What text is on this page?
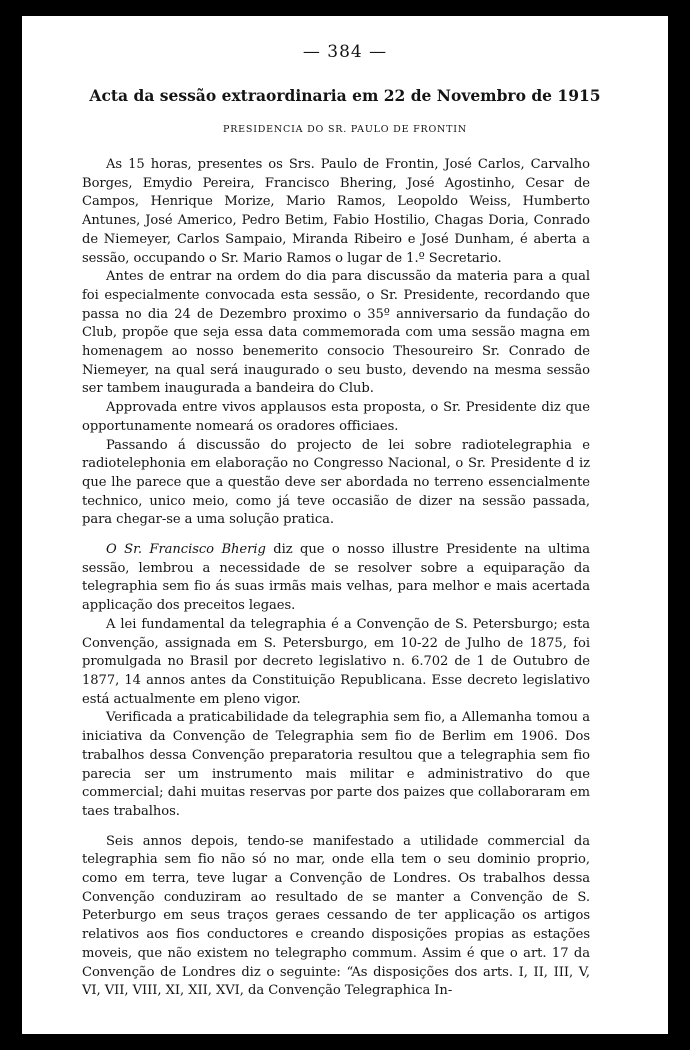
— 384 —
Acta da sessão extraordinaria em 22 de Novembro de 1915
PRESIDENCIA DO SR. PAULO DE FRONTIN

As 15 horas, presentes os Srs. Paulo de Frontin, José Carlos, Carvalho Borges, Emydio Pereira, Francisco Bhering, José Agostinho, Cesar de Campos, Henrique Morize, Mario Ramos, Leopoldo Weiss, Humberto Antunes, José Americo, Pedro Betim, Fabio Hostilio, Chagas Doria, Conrado de Niemeyer, Carlos Sampaio, Miranda Ribeiro e José Dunham, é aberta a sessão, occupando o Sr. Mario Ramos o lugar de 1.º Secretario.

Antes de entrar na ordem do dia para discussão da materia para a qual foi especialmente convocada esta sessão, o Sr. Presidente, recordando que passa no dia 24 de Dezembro proximo o 35º anniversario da fundação do Club, propõe que seja essa data commemorada com uma sessão magna em homenagem ao nosso benemerito consocio Thesoureiro Sr. Conrado de Niemeyer, na qual será inaugurado o seu busto, devendo na mesma sessão ser tambem inaugurada a bandeira do Club.

Approvada entre vivos applausos esta proposta, o Sr. Presidente diz que opportunamente nomeará os oradores officiaes.

Passando á discussão do projecto de lei sobre radiotelegraphia e radiotelephonia em elaboração no Congresso Nacional, o Sr. Presidente d iz que lhe parece que a questão deve ser abordada no terreno essencialmente technico, unico meio, como já teve occasião de dizer na sessão passada, para chegar-se a uma solução pratica.

O Sr. Francisco Bherig diz que o nosso illustre Presidente na ultima sessão, lembrou a necessidade de se resolver sobre a equiparação da telegraphia sem fio ás suas irmãs mais velhas, para melhor e mais acertada applicação dos preceitos legaes.

A lei fundamental da telegraphia é a Convenção de S. Petersburgo; esta Convenção, assignada em S. Petersburgo, em 10-22 de Julho de 1875, foi promulgada no Brasil por decreto legislativo n. 6.702 de 1 de Outubro de 1877, 14 annos antes da Constituição Republicana. Esse decreto legislativo está actualmente em pleno vigor.

Verificada a praticabilidade da telegraphia sem fio, a Allemanha tomou a iniciativa da Convenção de Telegraphia sem fio de Berlim em 1906. Dos trabalhos dessa Convenção preparatoria resultou que a telegraphia sem fio parecia ser um instrumento mais militar e administrativo do que commercial; dahi muitas reservas por parte dos paizes que collaboraram em taes trabalhos.

Seis annos depois, tendo-se manifestado a utilidade commercial da telegraphia sem fio não só no mar, onde ella tem o seu dominio proprio, como em terra, teve lugar a Convenção de Londres. Os trabalhos dessa Convenção conduziram ao resultado de se manter a Convenção de S. Peterburgo em seus traços geraes cessando de ter applicação os artigos relativos aos fios conductores e creando disposições propias as estações moveis, que não existem no telegrapho commum. Assim é que o art. 17 da Convenção de Londres diz o seguinte: “As disposições dos arts. I, II, III, V, VI, VII, VIII, XI, XII, XVI, da Convenção Telegraphica In-
